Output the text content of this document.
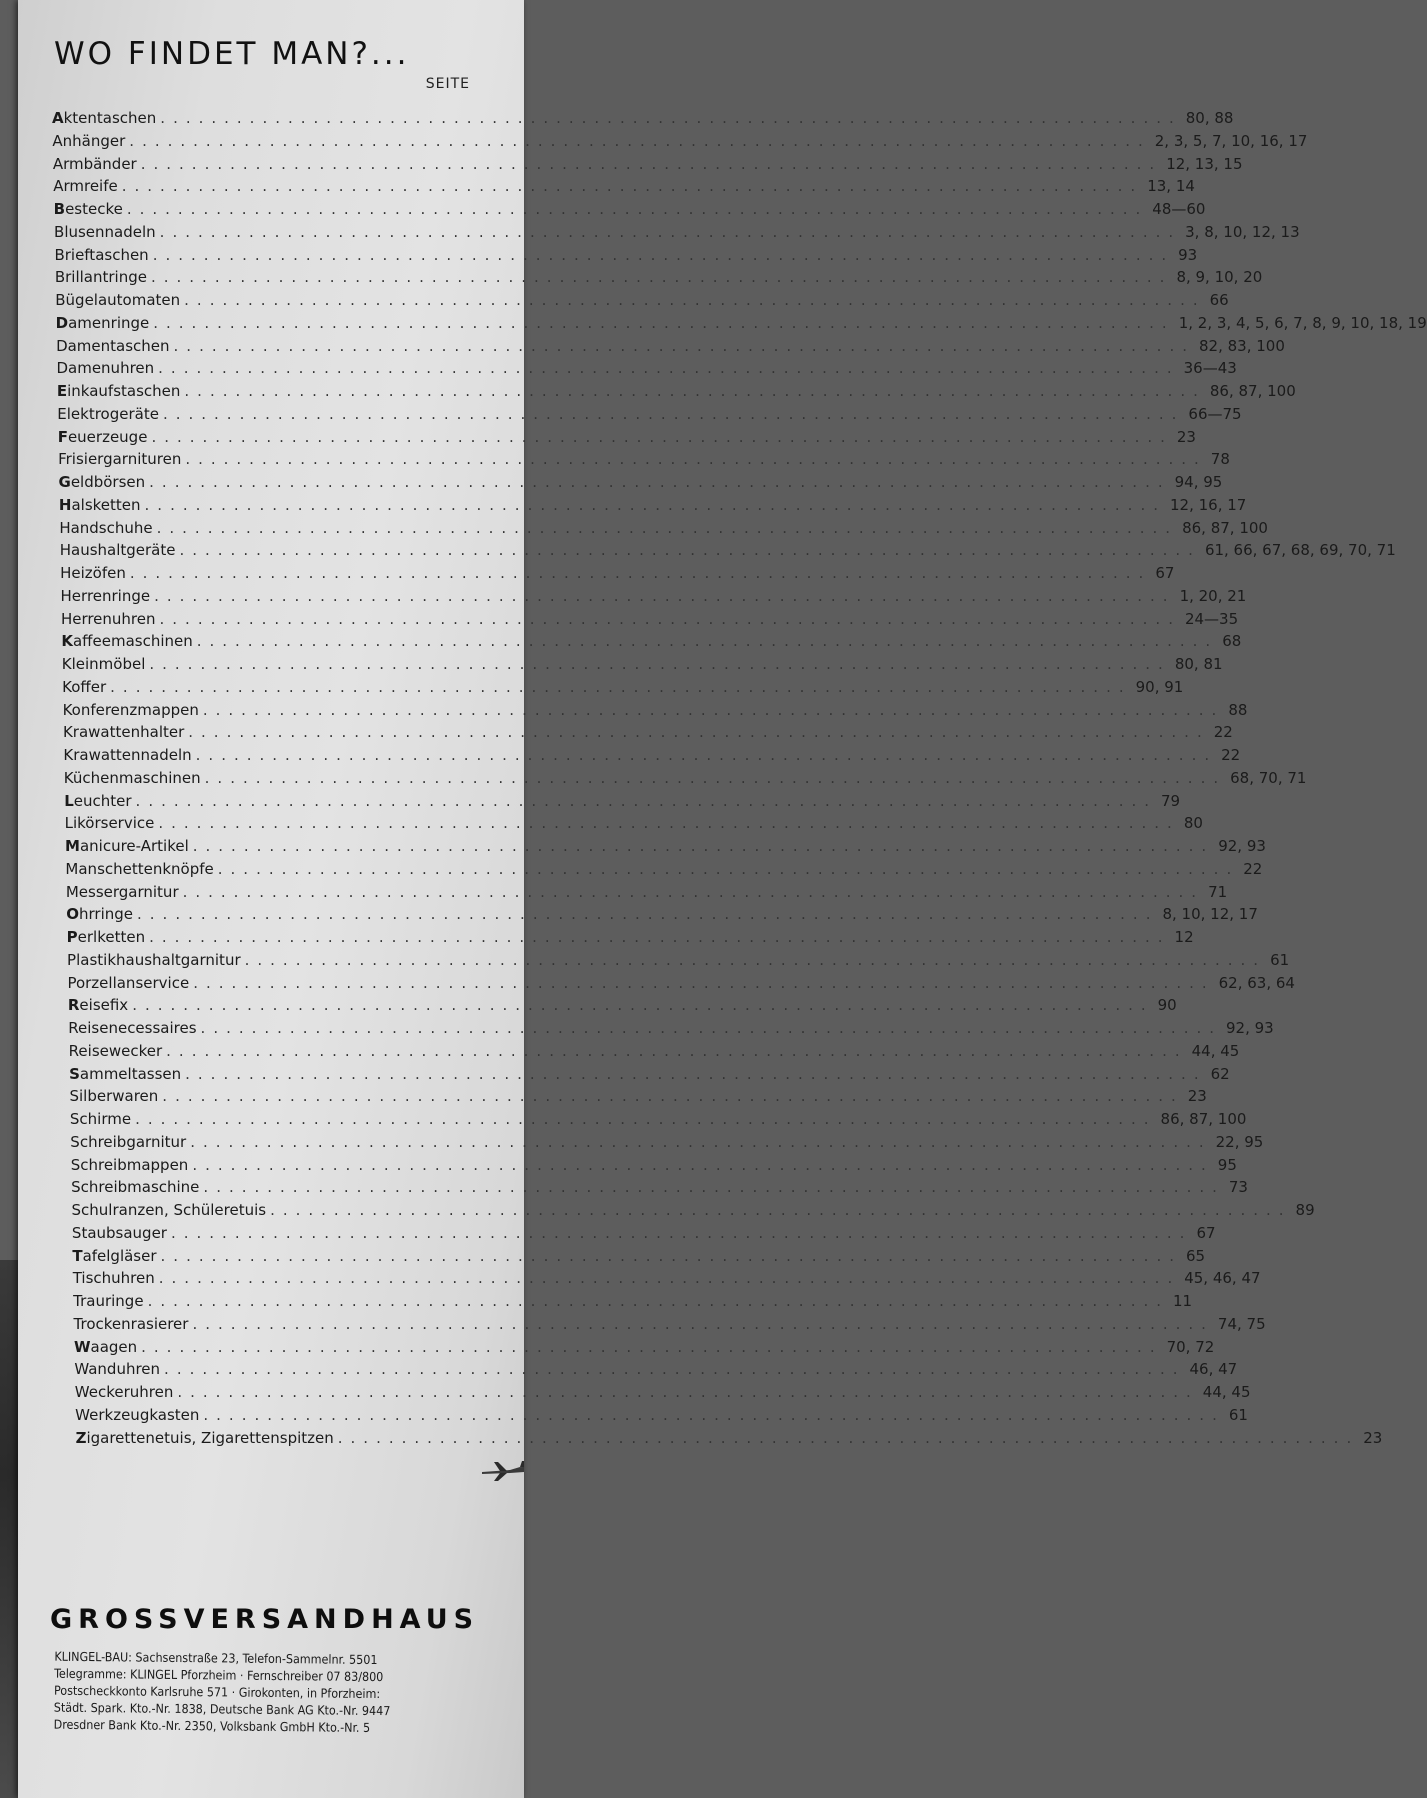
WO FINDET MAN?...
SEITE
Aktentaschen ................................................................................ 80, 88
Anhänger ................................................................................ 2, 3, 5, 7, 10, 16, 17
Armbänder ................................................................................ 12, 13, 15
Armreife ................................................................................ 13, 14
Bestecke ................................................................................ 48—60
Blusennadeln ................................................................................ 3, 8, 10, 12, 13
Brieftaschen ................................................................................ 93
Brillantringe ................................................................................ 8, 9, 10, 20
Bügelautomaten ................................................................................ 66
Damenringe ................................................................................ 1, 2, 3, 4, 5, 6, 7, 8, 9, 10, 18, 19
Damentaschen ................................................................................ 82, 83, 100
Damenuhren ................................................................................ 36—43
Einkaufstaschen ................................................................................ 86, 87, 100
Elektrogeräte ................................................................................ 66—75
Feuerzeuge ................................................................................ 23
Frisiergarnituren ................................................................................ 78
Geldbörsen ................................................................................ 94, 95
Halsketten ................................................................................ 12, 16, 17
Handschuhe ................................................................................ 86, 87, 100
Haushaltgeräte ................................................................................ 61, 66, 67, 68, 69, 70, 71
Heizöfen ................................................................................ 67
Herrenringe ................................................................................ 1, 20, 21
Herrenuhren ................................................................................ 24—35
Kaffeemaschinen ................................................................................ 68
Kleinmöbel ................................................................................ 80, 81
Koffer ................................................................................ 90, 91
Konferenzmappen ................................................................................ 88
Krawattenhalter ................................................................................ 22
Krawattennadeln ................................................................................ 22
Küchenmaschinen ................................................................................ 68, 70, 71
Leuchter ................................................................................ 79
Likörservice ................................................................................ 80
Manicure-Artikel ................................................................................ 92, 93
Manschettenknöpfe ................................................................................ 22
Messergarnitur ................................................................................ 71
Ohrringe ................................................................................ 8, 10, 12, 17
Perlketten ................................................................................ 12
Plastikhaushaltgarnitur ................................................................................ 61
Porzellanservice ................................................................................ 62, 63, 64
Reisefix ................................................................................ 90
Reisenecessaires ................................................................................ 92, 93
Reisewecker ................................................................................ 44, 45
Sammeltassen ................................................................................ 62
Silberwaren ................................................................................ 23
Schirme ................................................................................ 86, 87, 100
Schreibgarnitur ................................................................................ 22, 95
Schreibmappen ................................................................................ 95
Schreibmaschine ................................................................................ 73
Schulranzen, Schüleretuis ................................................................................ 89
Staubsauger ................................................................................ 67
Tafelgläser ................................................................................ 65
Tischuhren ................................................................................ 45, 46, 47
Trauringe ................................................................................ 11
Trockenrasierer ................................................................................ 74, 75
Waagen ................................................................................ 70, 72
Wanduhren ................................................................................ 46, 47
Weckeruhren ................................................................................ 44, 45
Werkzeugkasten ................................................................................ 61
Zigarettenetuis, Zigarettenspitzen ................................................................................ 23
GROSSVERSANDHAUS
KLINGEL-BAU: Sachsenstraße 23, Telefon-Sammelnr. 5501
Telegramme: KLINGEL Pforzheim · Fernschreiber 07 83/800
Postscheckkonto Karlsruhe 571 · Girokonten, in Pforzheim:
Städt. Spark. Kto.-Nr. 1838, Deutsche Bank AG Kto.-Nr. 9447
Dresdner Bank Kto.-Nr. 2350, Volksbank GmbH Kto.-Nr. 5
